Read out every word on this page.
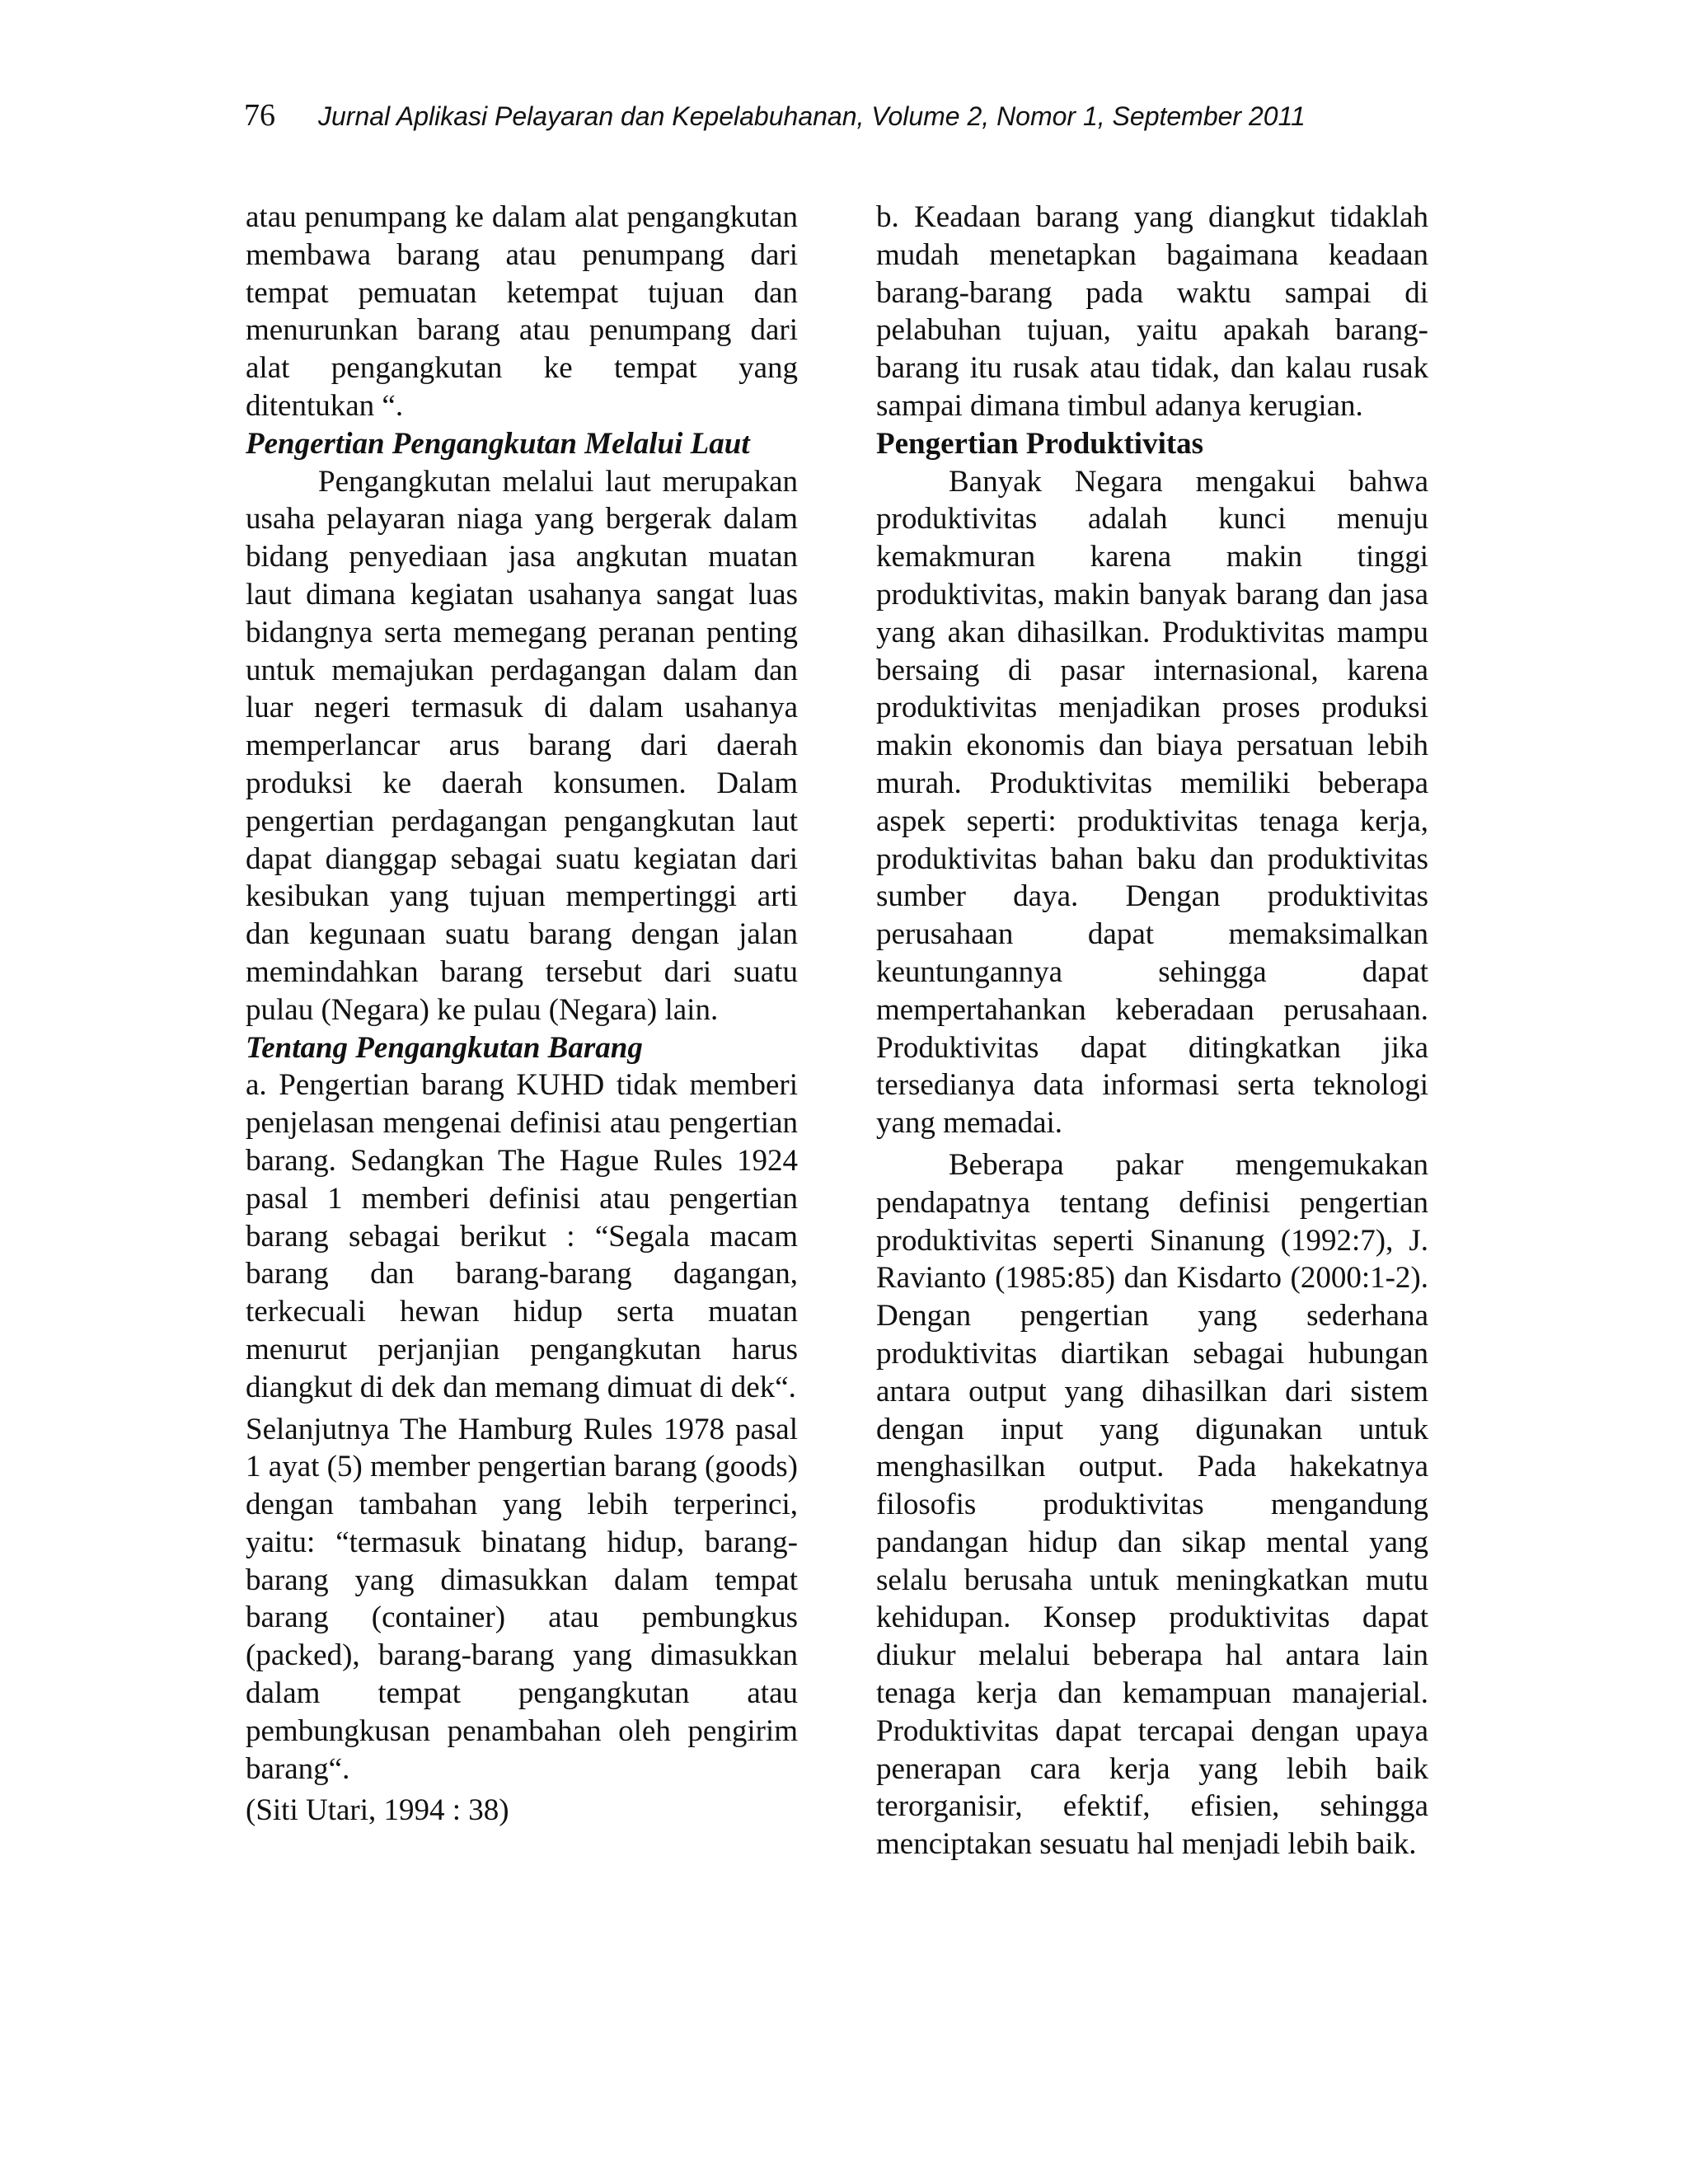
76 Jurnal Aplikasi Pelayaran dan Kepelabuhanan, Volume 2, Nomor 1, September 2011

atau penumpang ke dalam alat pengangkutan membawa barang atau penumpang dari tempat pemuatan ketempat tujuan dan menurunkan barang atau penumpang dari alat pengangkutan ke tempat yang ditentukan “.

Pengertian Pengangkutan Melalui Laut

Pengangkutan melalui laut merupakan usaha pelayaran niaga yang bergerak dalam bidang penyediaan jasa angkutan muatan laut dimana kegiatan usahanya sangat luas bidangnya serta memegang peranan penting untuk memajukan perdagangan dalam dan luar negeri termasuk di dalam usahanya memperlancar arus barang dari daerah produksi ke daerah konsumen. Dalam pengertian perdagangan pengangkutan laut dapat dianggap sebagai suatu kegiatan dari kesibukan yang tujuan mempertinggi arti dan kegunaan suatu barang dengan jalan memindahkan barang tersebut dari suatu pulau (Negara) ke pulau (Negara) lain.

Tentang Pengangkutan Barang

a. Pengertian barang KUHD tidak memberi penjelasan mengenai definisi atau pengertian barang. Sedangkan The Hague Rules 1924 pasal 1 memberi definisi atau pengertian barang sebagai berikut : “Segala macam barang dan barang-barang dagangan, terkecuali hewan hidup serta muatan menurut perjanjian pengangkutan harus diangkut di dek dan memang dimuat di dek“.

Selanjutnya The Hamburg Rules 1978 pasal 1 ayat (5) member pengertian barang (goods) dengan tambahan yang lebih terperinci, yaitu: “termasuk binatang hidup, barang-barang yang dimasukkan dalam tempat barang (container) atau pembungkus (packed), barang-barang yang dimasukkan dalam tempat pengangkutan atau pembungkusan penambahan oleh pengirim barang“.

(Siti Utari, 1994 : 38)

b. Keadaan barang yang diangkut tidaklah mudah menetapkan bagaimana keadaan barang-barang pada waktu sampai di pelabuhan tujuan, yaitu apakah barang-barang itu rusak atau tidak, dan kalau rusak sampai dimana timbul adanya kerugian.

Pengertian Produktivitas

Banyak Negara mengakui bahwa produktivitas adalah kunci menuju kemakmuran karena makin tinggi produktivitas, makin banyak barang dan jasa yang akan dihasilkan. Produktivitas mampu bersaing di pasar internasional, karena produktivitas menjadikan proses produksi makin ekonomis dan biaya persatuan lebih murah. Produktivitas memiliki beberapa aspek seperti: produktivitas tenaga kerja, produktivitas bahan baku dan produktivitas sumber daya. Dengan produktivitas perusahaan dapat memaksimalkan keuntungannya sehingga dapat mempertahankan keberadaan perusahaan. Produktivitas dapat ditingkatkan jika tersedianya data informasi serta teknologi yang memadai.

Beberapa pakar mengemukakan pendapatnya tentang definisi pengertian produktivitas seperti Sinanung (1992:7), J. Ravianto (1985:85) dan Kisdarto (2000:1-2). Dengan pengertian yang sederhana produktivitas diartikan sebagai hubungan antara output yang dihasilkan dari sistem dengan input yang digunakan untuk menghasilkan output. Pada hakekatnya filosofis produktivitas mengandung pandangan hidup dan sikap mental yang selalu berusaha untuk meningkatkan mutu kehidupan. Konsep produktivitas dapat diukur melalui beberapa hal antara lain tenaga kerja dan kemampuan manajerial. Produktivitas dapat tercapai dengan upaya penerapan cara kerja yang lebih baik terorganisir, efektif, efisien, sehingga menciptakan sesuatu hal menjadi lebih baik.
